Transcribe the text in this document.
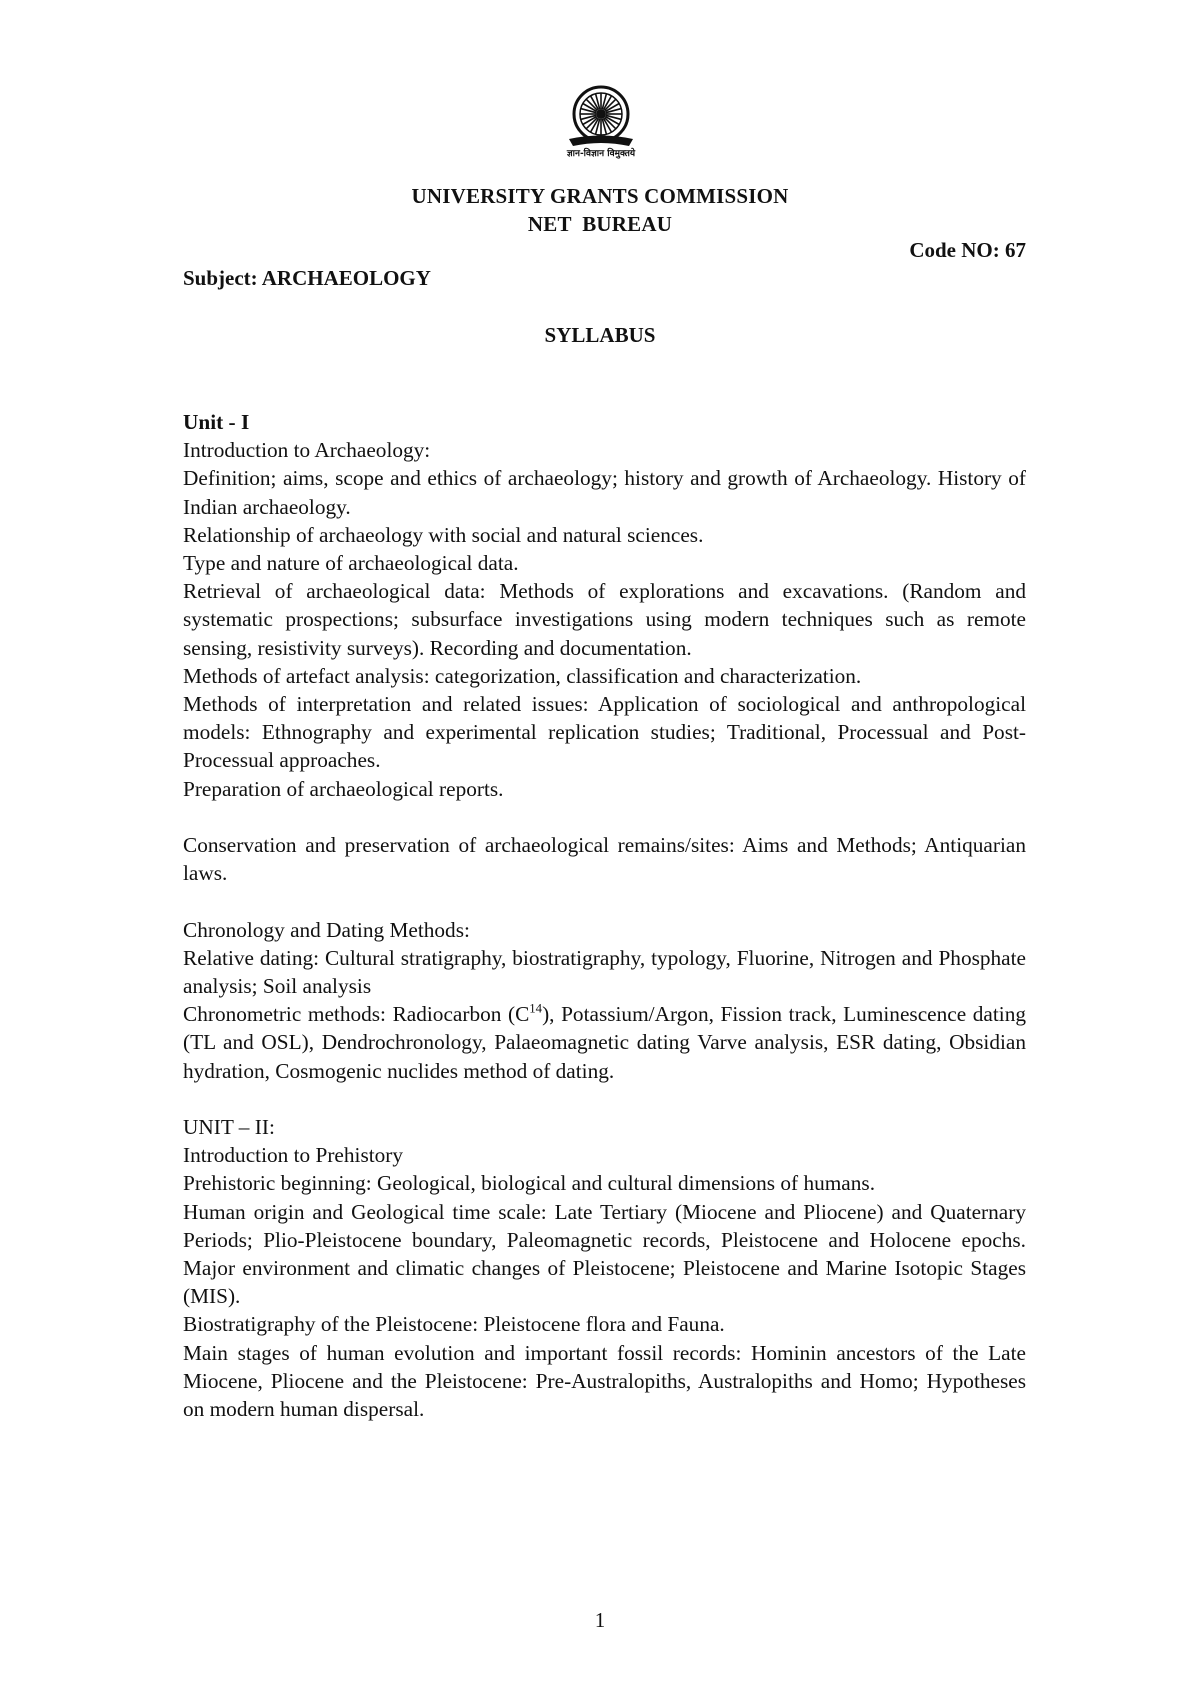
ज्ञान-विज्ञान विमुक्तये
UNIVERSITY GRANTS COMMISSION
NET  BUREAU
Code NO: 67
Subject: ARCHAEOLOGY
SYLLABUS

Unit - I

Introduction to Archaeology:

Definition; aims, scope and ethics of archaeology; history and growth of Archaeology. History of Indian archaeology.

Relationship of archaeology with social and natural sciences.

Type and nature of archaeological data.

Retrieval of archaeological data: Methods of explorations and excavations. (Random and systematic prospections; subsurface investigations using modern techniques such as remote sensing, resistivity surveys). Recording and documentation.

Methods of artefact analysis: categorization, classification and characterization.

Methods of interpretation and related issues: Application of sociological and anthropological models: Ethnography and experimental replication studies; Traditional, Processual and Post-Processual approaches.

Preparation of archaeological reports.

Conservation and preservation of archaeological remains/sites: Aims and Methods; Antiquarian laws.

Chronology and Dating Methods:

Relative dating: Cultural stratigraphy, biostratigraphy, typology, Fluorine, Nitrogen and Phosphate analysis; Soil analysis

Chronometric methods: Radiocarbon $(C^{14})$, Potassium/Argon, Fission track, Luminescence dating (TL and OSL), Dendrochronology, Palaeomagnetic dating Varve analysis, ESR dating, Obsidian hydration, Cosmogenic nuclides method of dating.

UNIT – II:

Introduction to Prehistory

Prehistoric beginning: Geological, biological and cultural dimensions of humans.

Human origin and Geological time scale: Late Tertiary (Miocene and Pliocene) and Quaternary Periods; Plio-Pleistocene boundary, Paleomagnetic records, Pleistocene and Holocene epochs. Major environment and climatic changes of Pleistocene; Pleistocene and Marine Isotopic Stages (MIS).

Biostratigraphy of the Pleistocene: Pleistocene flora and Fauna.

Main stages of human evolution and important fossil records: Hominin ancestors of the Late Miocene, Pliocene and the Pleistocene: Pre-Australopiths, Australopiths and Homo; Hypotheses on modern human dispersal.

1
